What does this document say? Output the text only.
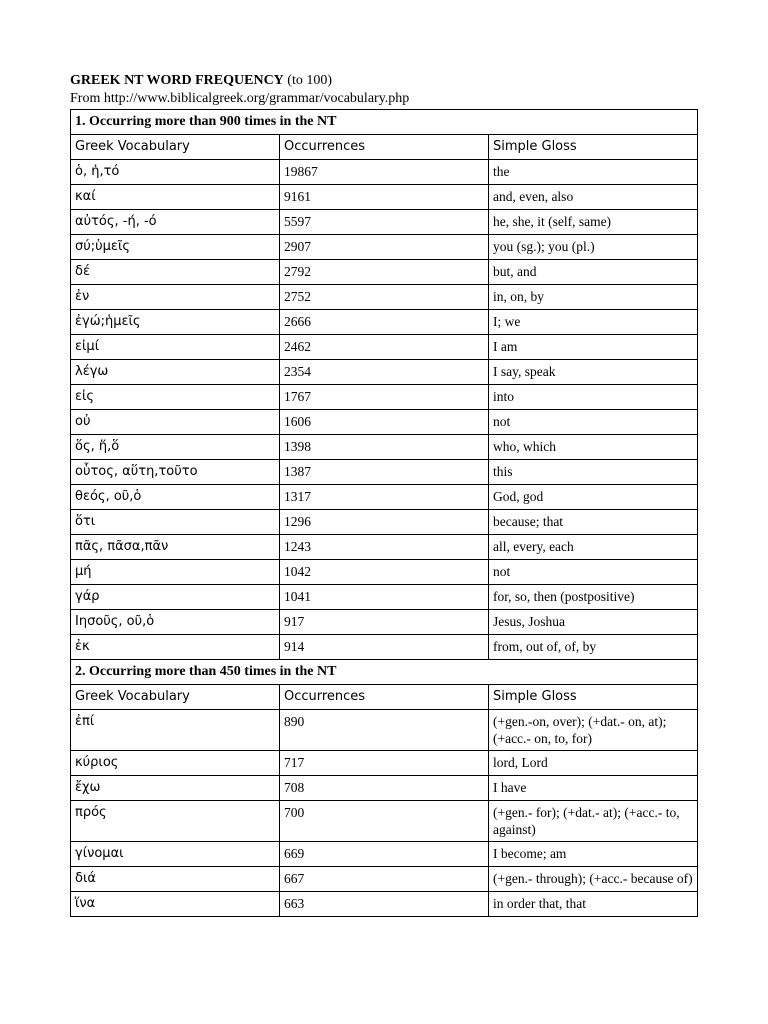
GREEK NT WORD FREQUENCY (to 100)
From http://www.biblicalgreek.org/grammar/vocabulary.php
1. Occurring more than 900 times in the NT		
Greek Vocabulary	Occurrences	Simple Gloss
ὁ, ἡ,τό	19867	the
καί	9161	and, even, also
αὐτός, -ή, -ό	5597	he, she, it (self, same)
σύ;ὑμεῖς	2907	you (sg.); you (pl.)
δέ	2792	but, and
ἐν	2752	in, on, by
ἐγώ;ἡμεῖς	2666	I; we
εἰμί	2462	I am
λέγω	2354	I say, speak
εἰς	1767	into
οὐ	1606	not
ὅς, ἥ,ὅ	1398	who, which
οὗτος, αὕτη,τοῦτο	1387	this
θεός, οῦ,ὁ	1317	God, god
ὅτι	1296	because; that
πᾶς, πᾶσα,πᾶν	1243	all, every, each
μή	1042	not
γάρ	1041	for, so, then (postpositive)
Ιησοῦς, οῦ,ὁ	917	Jesus, Joshua
ἐκ	914	from, out of, of, by
2. Occurring more than 450 times in the NT		
Greek Vocabulary	Occurrences	Simple Gloss
ἐπί	890	(+gen.-on, over); (+dat.- on, at); (+acc.- on, to, for)
κύριος	717	lord, Lord
ἔχω	708	I have
πρός	700	(+gen.- for); (+dat.- at); (+acc.- to, against)
γίνομαι	669	I become; am
διά	667	(+gen.- through); (+acc.- because of)
ἵνα	663	in order that, that
